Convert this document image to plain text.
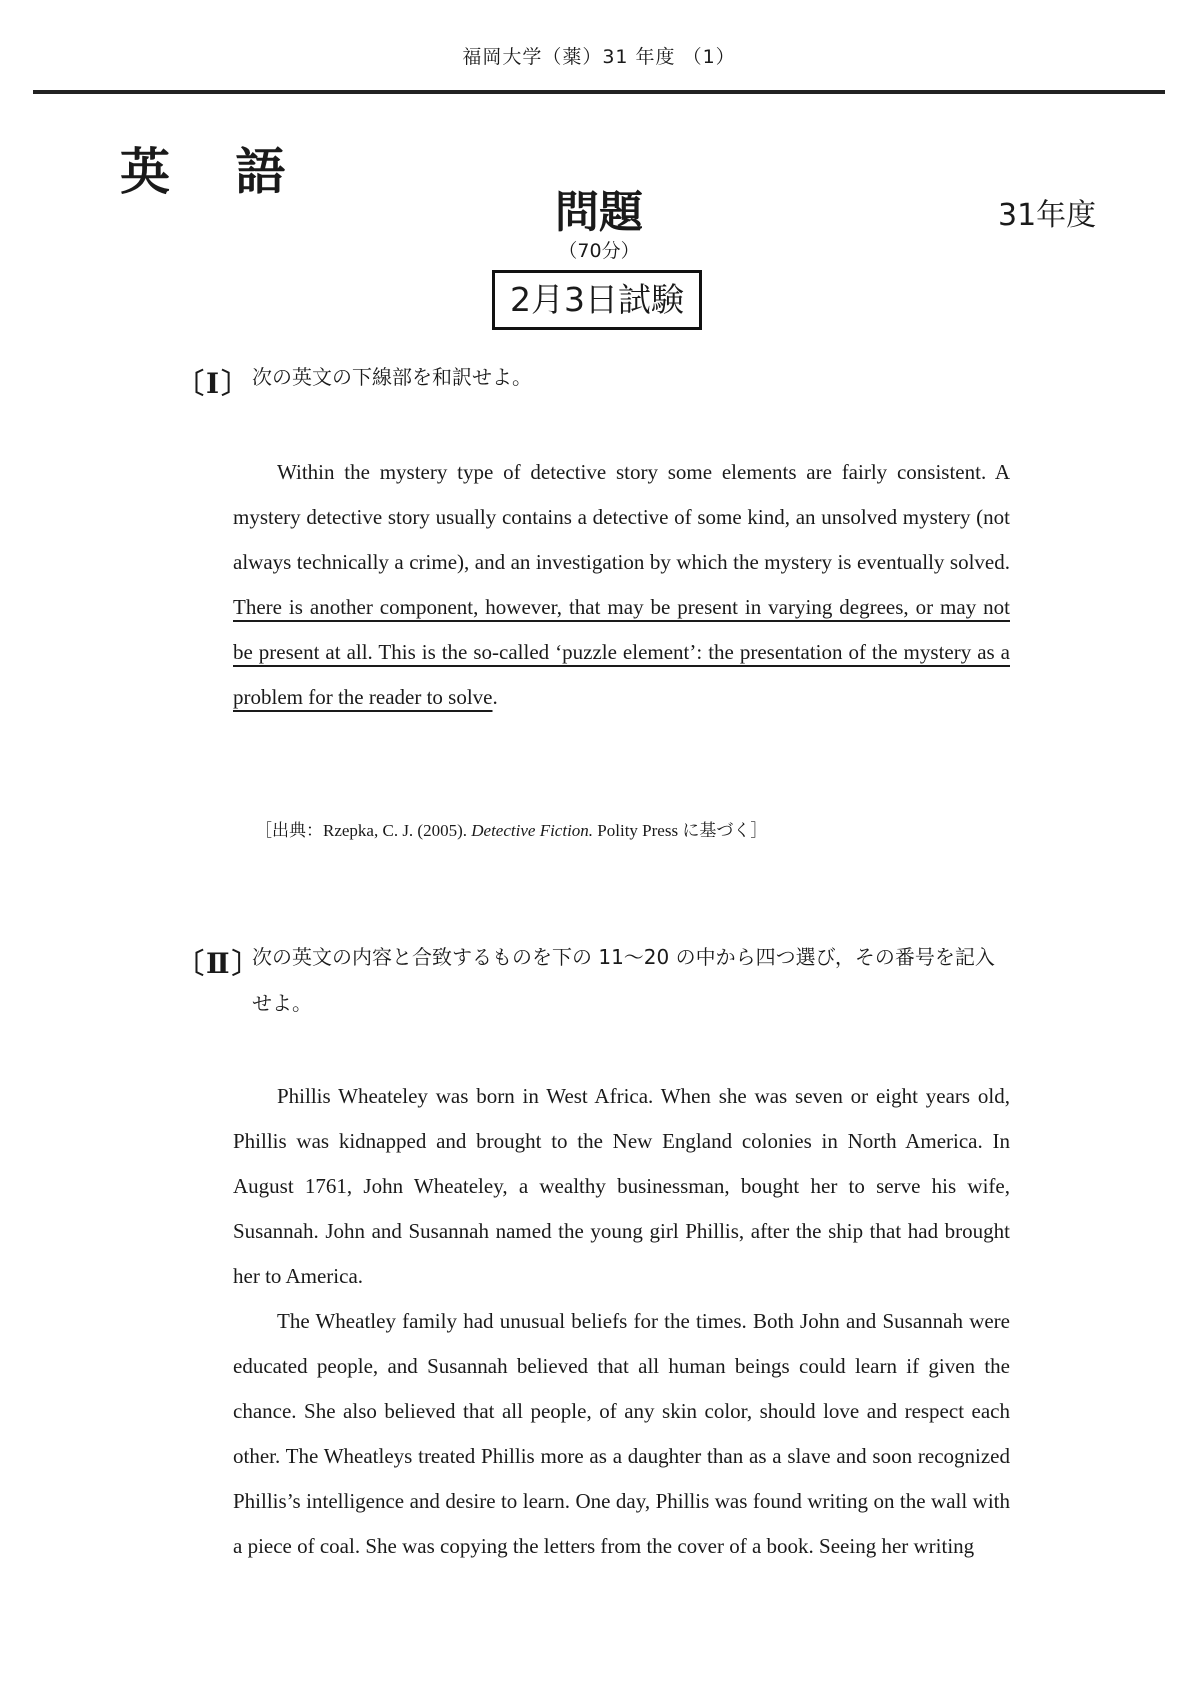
福岡大学（薬）31 年度 （1）
英 語
問題
（70分）
31年度
2月3日試験
〔Ⅰ〕 次の英文の下線部を和訳せよ。

Within the mystery type of detective story some elements are fairly consistent. A mystery detective story usually contains a detective of some kind, an unsolved mystery (not always technically a crime), and an investigation by which the mystery is eventually solved. There is another component, however, that may be present in varying degrees, or may not be present at all. This is the so-called ‘puzzle element’: the presentation of the mystery as a problem for the reader to solve.

［出典：Rzepka, C. J. (2005). Detective Fiction. Polity Press に基づく］
〔Ⅱ〕
次の英文の内容と合致するものを下の 11～20 の中から四つ選び，その番号を記入せよ。

Phillis Wheateley was born in West Africa. When she was seven or eight years old, Phillis was kidnapped and brought to the New England colonies in North America. In August 1761, John Wheateley, a wealthy businessman, bought her to serve his wife, Susannah. John and Susannah named the young girl Phillis, after the ship that had brought her to America.

The Wheatley family had unusual beliefs for the times. Both John and Susannah were educated people, and Susannah believed that all human beings could learn if given the chance. She also believed that all people, of any skin color, should love and respect each other. The Wheatleys treated Phillis more as a daughter than as a slave and soon recognized Phillis’s intelligence and desire to learn. One day, Phillis was found writing on the wall with a piece of coal. She was copying the letters from the cover of a book. Seeing her writing
